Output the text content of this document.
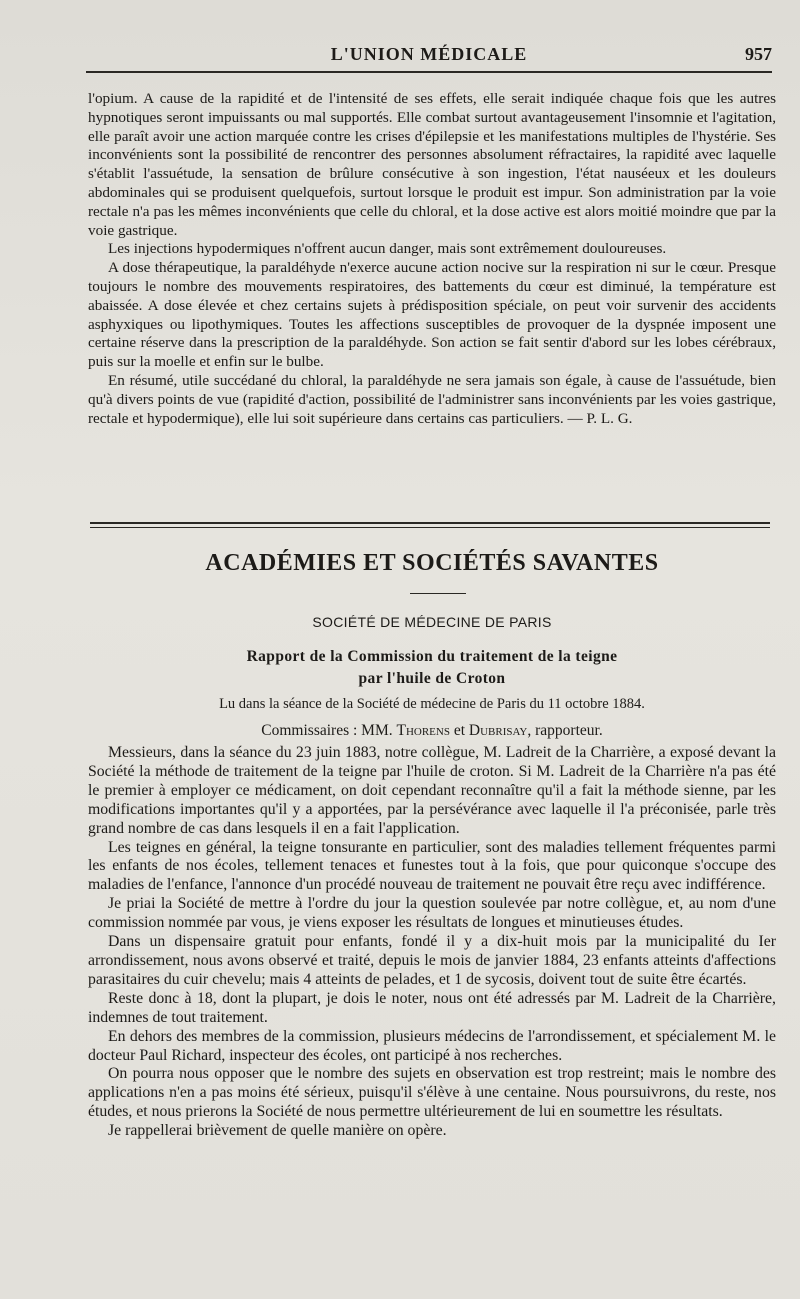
L'UNION MÉDICALE	957

l'opium. A cause de la rapidité et de l'intensité de ses effets, elle serait indiquée chaque fois que les autres hypnotiques seront impuissants ou mal supportés. Elle combat surtout avantageusement l'insomnie et l'agitation, elle paraît avoir une action marquée contre les crises d'épilepsie et les manifestations multiples de l'hystérie. Ses inconvénients sont la possibilité de rencontrer des personnes absolument réfractaires, la rapidité avec laquelle s'établit l'assuétude, la sensation de brûlure consécutive à son ingestion, l'état nauséeux et les douleurs abdominales qui se produisent quelquefois, surtout lorsque le produit est impur. Son administration par la voie rectale n'a pas les mêmes inconvénients que celle du chloral, et la dose active est alors moitié moindre que par la voie gastrique.

Les injections hypodermiques n'offrent aucun danger, mais sont extrêmement douloureuses.

A dose thérapeutique, la paraldéhyde n'exerce aucune action nocive sur la respiration ni sur le cœur. Presque toujours le nombre des mouvements respiratoires, des battements du cœur est diminué, la température est abaissée. A dose élevée et chez certains sujets à prédisposition spéciale, on peut voir survenir des accidents asphyxiques ou lipothymiques. Toutes les affections susceptibles de provoquer de la dyspnée imposent une certaine réserve dans la prescription de la paraldéhyde. Son action se fait sentir d'abord sur les lobes cérébraux, puis sur la moelle et enfin sur le bulbe.

En résumé, utile succédané du chloral, la paraldéhyde ne sera jamais son égale, à cause de l'assuétude, bien qu'à divers points de vue (rapidité d'action, possibilité de l'administrer sans inconvénients par les voies gastrique, rectale et hypodermique), elle lui soit supérieure dans certains cas particuliers. — P. L. G.

ACADÉMIES ET SOCIÉTÉS SAVANTES
SOCIÉTÉ DE MÉDECINE DE PARIS
Rapport de la Commission du traitement de la teigne
par l'huile de Croton
Lu dans la séance de la Société de médecine de Paris du 11 octobre 1884.
Commissaires : MM. Thorens et Dubrisay, rapporteur.

Messieurs, dans la séance du 23 juin 1883, notre collègue, M. Ladreit de la Charrière, a exposé devant la Société la méthode de traitement de la teigne par l'huile de croton. Si M. Ladreit de la Charrière n'a pas été le premier à employer ce médicament, on doit cependant reconnaître qu'il a fait la méthode sienne, par les modifications importantes qu'il y a apportées, par la persévérance avec laquelle il l'a préconisée, parle très grand nombre de cas dans lesquels il en a fait l'application.

Les teignes en général, la teigne tonsurante en particulier, sont des maladies tellement fréquentes parmi les enfants de nos écoles, tellement tenaces et funestes tout à la fois, que pour quiconque s'occupe des maladies de l'enfance, l'annonce d'un procédé nouveau de traitement ne pouvait être reçu avec indifférence.

Je priai la Société de mettre à l'ordre du jour la question soulevée par notre collègue, et, au nom d'une commission nommée par vous, je viens exposer les résultats de longues et minutieuses études.

Dans un dispensaire gratuit pour enfants, fondé il y a dix-huit mois par la municipalité du Ier arrondissement, nous avons observé et traité, depuis le mois de janvier 1884, 23 enfants atteints d'affections parasitaires du cuir chevelu; mais 4 atteints de pelades, et 1 de sycosis, doivent tout de suite être écartés.

Reste donc à 18, dont la plupart, je dois le noter, nous ont été adressés par M. Ladreit de la Charrière, indemnes de tout traitement.

En dehors des membres de la commission, plusieurs médecins de l'arrondissement, et spécialement M. le docteur Paul Richard, inspecteur des écoles, ont participé à nos recherches.

On pourra nous opposer que le nombre des sujets en observation est trop restreint; mais le nombre des applications n'en a pas moins été sérieux, puisqu'il s'élève à une centaine. Nous poursuivrons, du reste, nos études, et nous prierons la Société de nous permettre ultérieurement de lui en soumettre les résultats.

Je rappellerai brièvement de quelle manière on opère.
